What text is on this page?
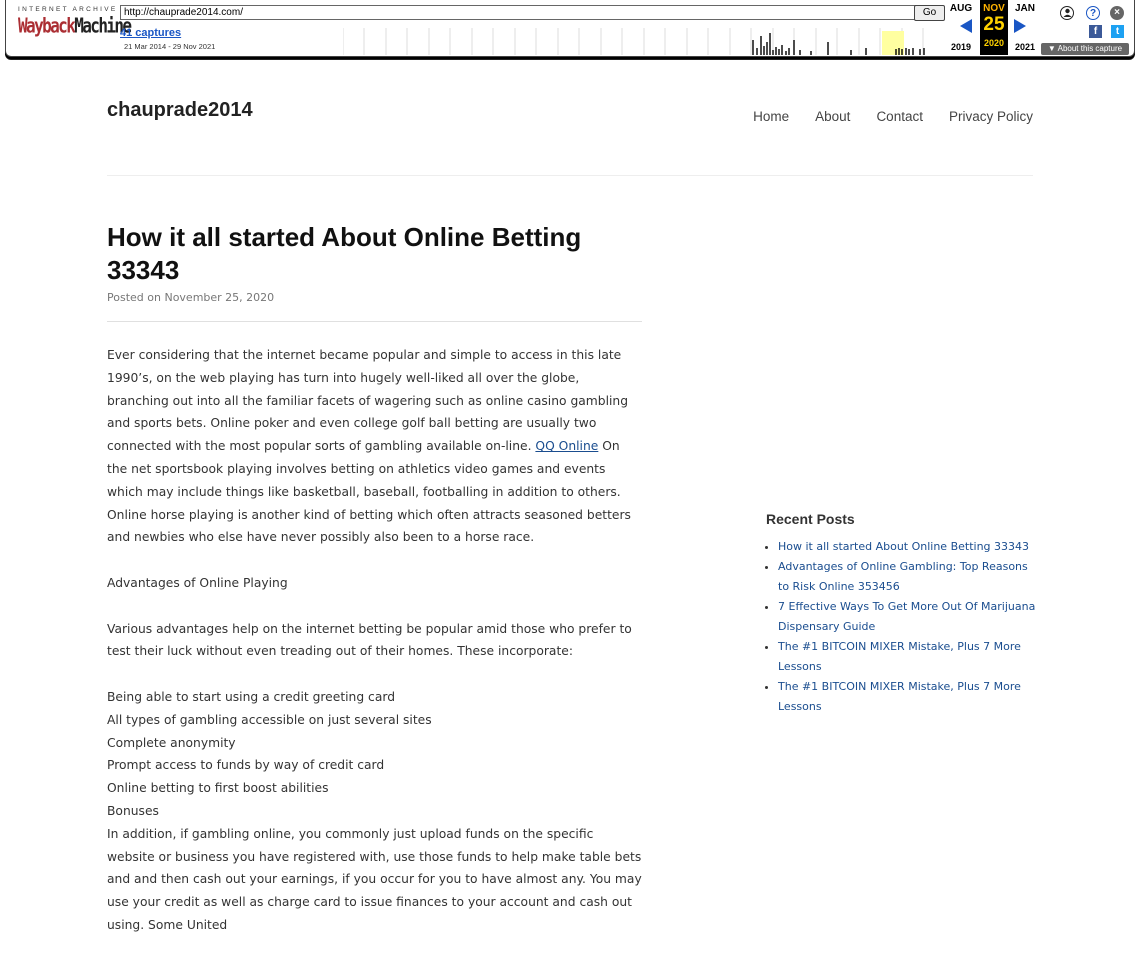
INTERNET ARCHIVE
WaybackMachine
http://chauprade2014.com/	Go
41 captures
21 Mar 2014 - 29 Nov 2021
AUG
2019
NOV
25
2020
JAN
2021
?	×
f	t
▼ About this capture
chauprade2014	Home About Contact Privacy Policy
How it all started About Online Betting 33343
Posted on November 25, 2020

Ever considering that the internet became popular and simple to access in this late 1990’s, on the web playing has turn into hugely well-liked all over the globe, branching out into all the familiar facets of wagering such as online casino gambling and sports bets. Online poker and even college golf ball betting are usually two connected with the most popular sorts of gambling available on-line. QQ Online On the net sportsbook playing involves betting on athletics video games and events which may include things like basketball, baseball, footballing in addition to others. Online horse playing is another kind of betting which often attracts seasoned betters and newbies who else have never possibly also been to a horse race.

Advantages of Online Playing

Various advantages help on the internet betting be popular amid those who prefer to test their luck without even treading out of their homes. These incorporate:

Being able to start using a credit greeting card
All types of gambling accessible on just several sites
Complete anonymity
Prompt access to funds by way of credit card
Online betting to first boost abilities
Bonuses

In addition, if gambling online, you commonly just upload funds on the specific website or business you have registered with, use those funds to help make table bets and and then cash out your earnings, if you occur for you to have almost any. You may use your credit as well as charge card to issue finances to your account and cash out using. Some United

Recent Posts
• How it all started About Online Betting 33343
• Advantages of Online Gambling: Top Reasons to Risk Online 353456
• 7 Effective Ways To Get More Out Of Marijuana Dispensary Guide
• The #1 BITCOIN MIXER Mistake, Plus 7 More Lessons
• The #1 BITCOIN MIXER Mistake, Plus 7 More Lessons
